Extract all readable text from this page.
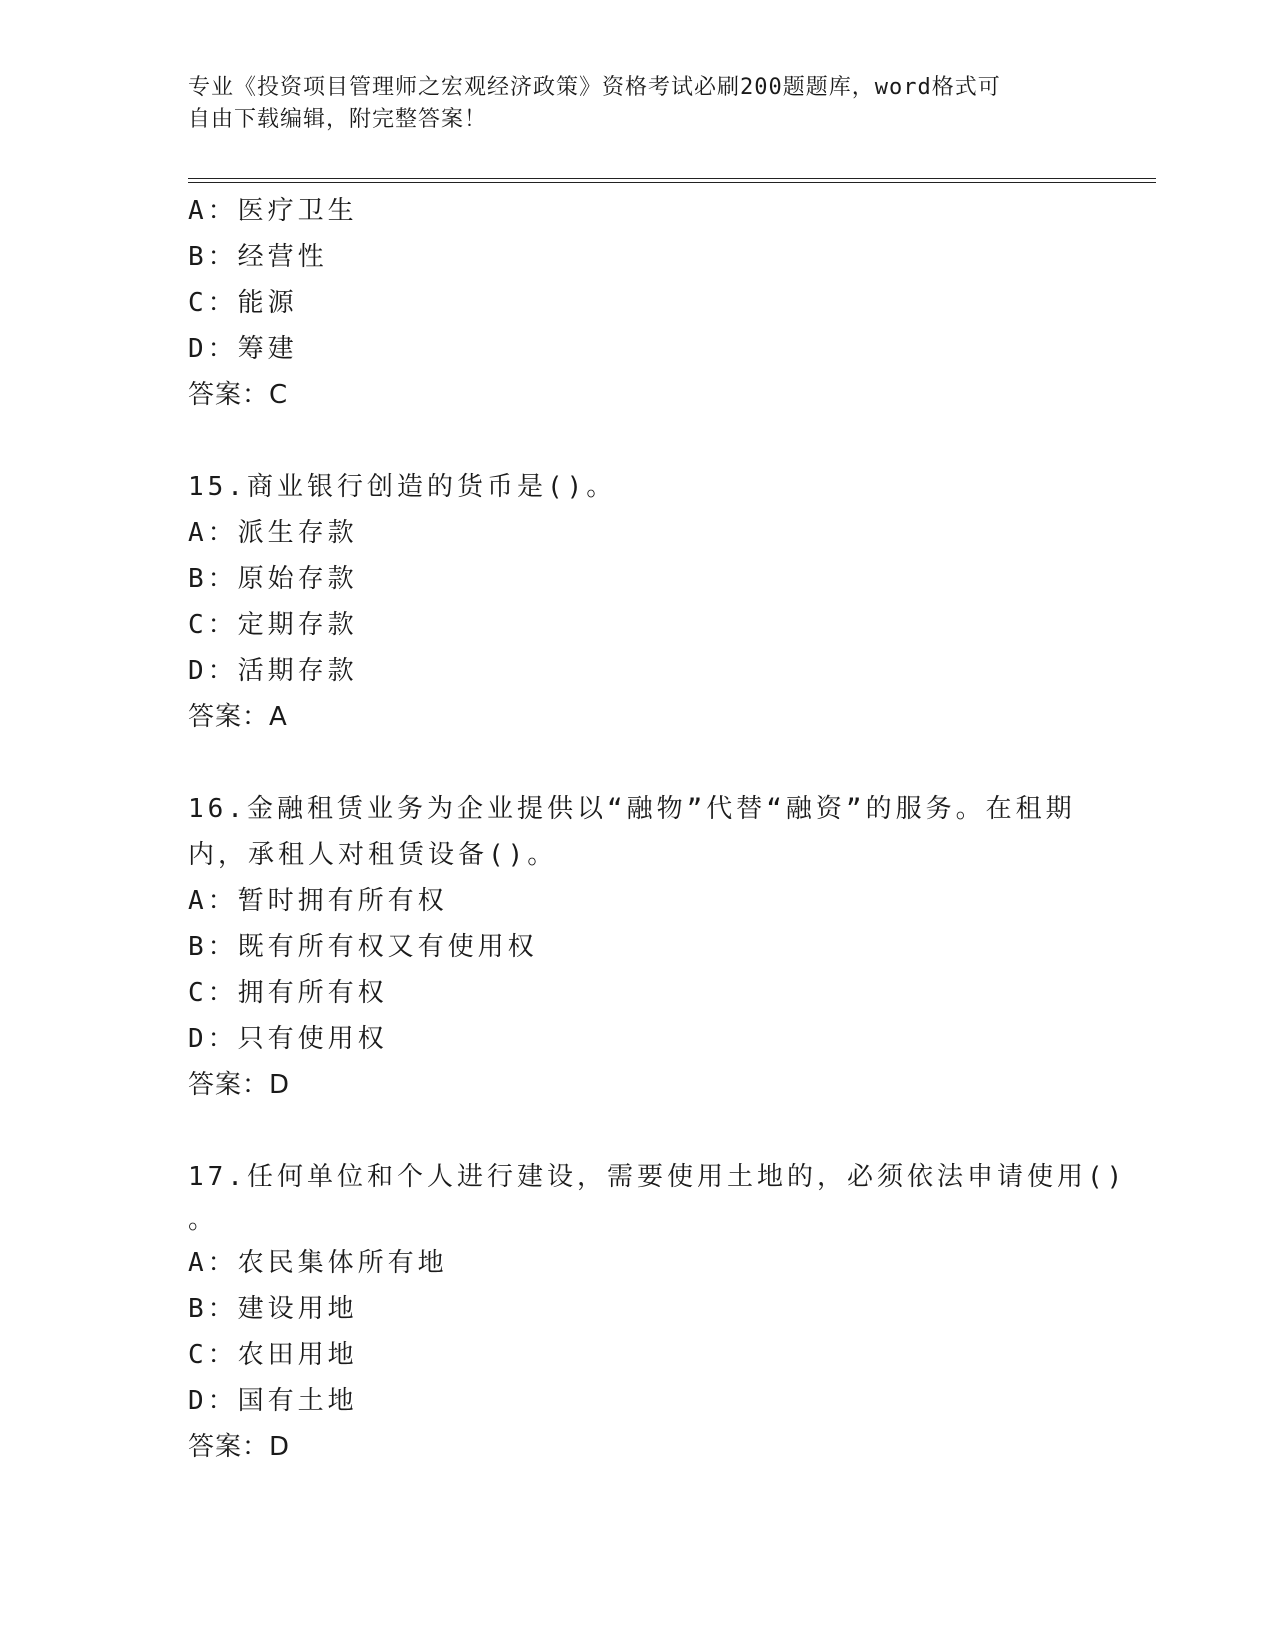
专业《投资项目管理师之宏观经济政策》资格考试必刷200题题库，word格式可
自由下载编辑，附完整答案！
A：医疗卫生
B：经营性
C：能源
D：筹建
答案：C
15.商业银行创造的货币是()。
A：派生存款
B：原始存款
C：定期存款
D：活期存款
答案：A
16.金融租赁业务为企业提供以“融物”代替“融资”的服务。在租期
内，承租人对租赁设备()。
A：暂时拥有所有权
B：既有所有权又有使用权
C：拥有所有权
D：只有使用权
答案：D
17.任何单位和个人进行建设，需要使用土地的，必须依法申请使用()
。
A：农民集体所有地
B：建设用地
C：农田用地
D：国有土地
答案：D
